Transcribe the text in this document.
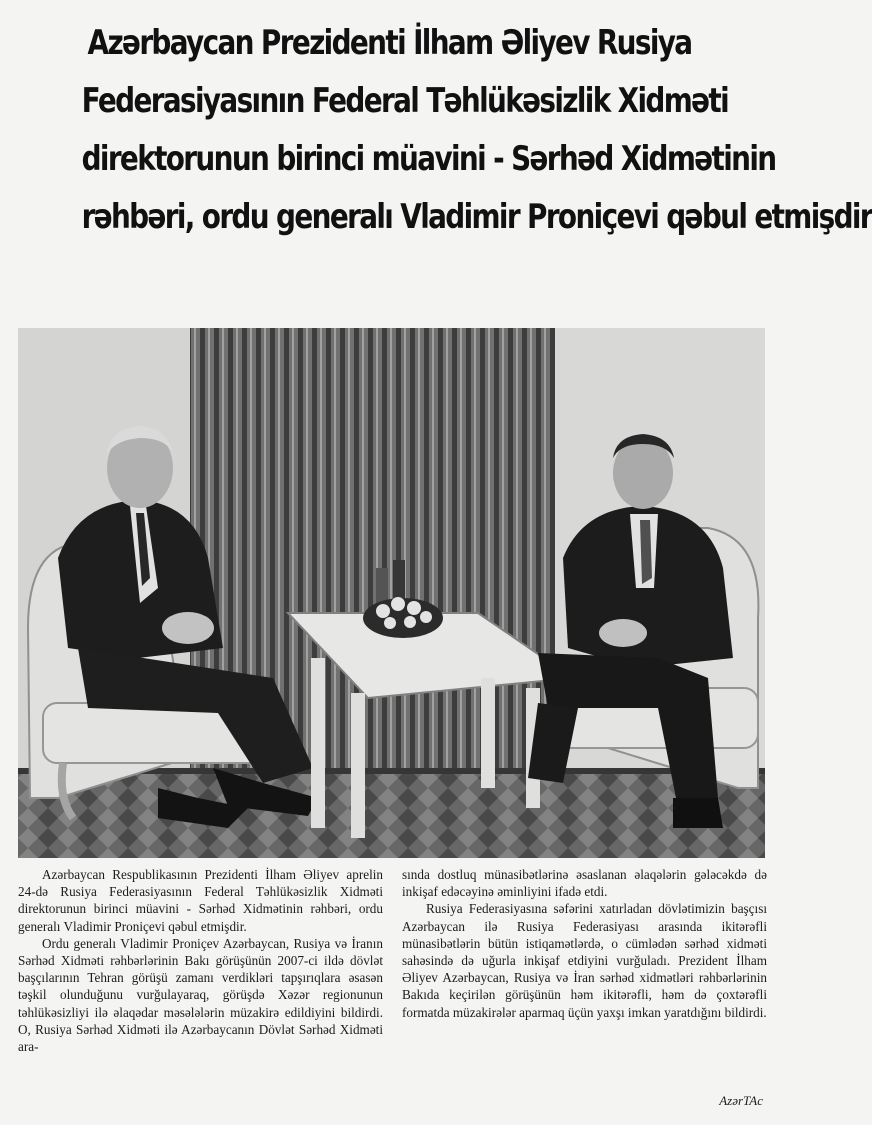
Azərbaycan Prezidenti İlham Əliyev Rusiya
Federasiyasının Federal Təhlükəsizlik Xidməti
direktorunun birinci müavini - Sərhəd Xidmətinin
rəhbəri, ordu generalı Vladimir Proniçevi qəbul etmişdir

Azərbaycan Respublikasının Prezidenti İlham Əliyev aprelin 24-də Rusiya Federasiyasının Federal Təhlükəsizlik Xidməti direktorunun birinci müavini - Sərhəd Xidmətinin rəhbəri, ordu generalı Vladimir Proniçevi qəbul etmişdir.

Ordu generalı Vladimir Proniçev Azərbaycan, Rusiya və İranın Sərhəd Xidməti rəhbərlərinin Bakı görüşünün 2007-ci ildə dövlət başçılarının Tehran görüşü zamanı verdikləri tapşırıqlara əsasən təşkil olunduğunu vurğulayaraq, görüşdə Xəzər regionunun təhlükəsizliyi ilə əlaqədar məsələlərin müzakirə edildiyini bildirdi. O, Rusiya Sərhəd Xidməti ilə Azərbaycanın Dövlət Sərhəd Xidməti ara-

sında dostluq münasibətlərinə əsaslanan əlaqələrin gələcəkdə də inkişaf edəcəyinə əminliyini ifadə etdi.

Rusiya Federasiyasına səfərini xatırladan dövlətimizin başçısı Azərbaycan ilə Rusiya Federasiyası arasında ikitərəfli münasibətlərin bütün istiqamətlərdə, o cümlədən sərhəd xidməti sahəsində də uğurla inkişaf etdiyini vurğuladı. Prezident İlham Əliyev Azərbaycan, Rusiya və İran sərhəd xidmətləri rəhbərlərinin Bakıda keçirilən görüşünün həm ikitərəfli, həm də çoxtərəfli formatda müzakirələr aparmaq üçün yaxşı imkan yaratdığını bildirdi.

AzərTAc
